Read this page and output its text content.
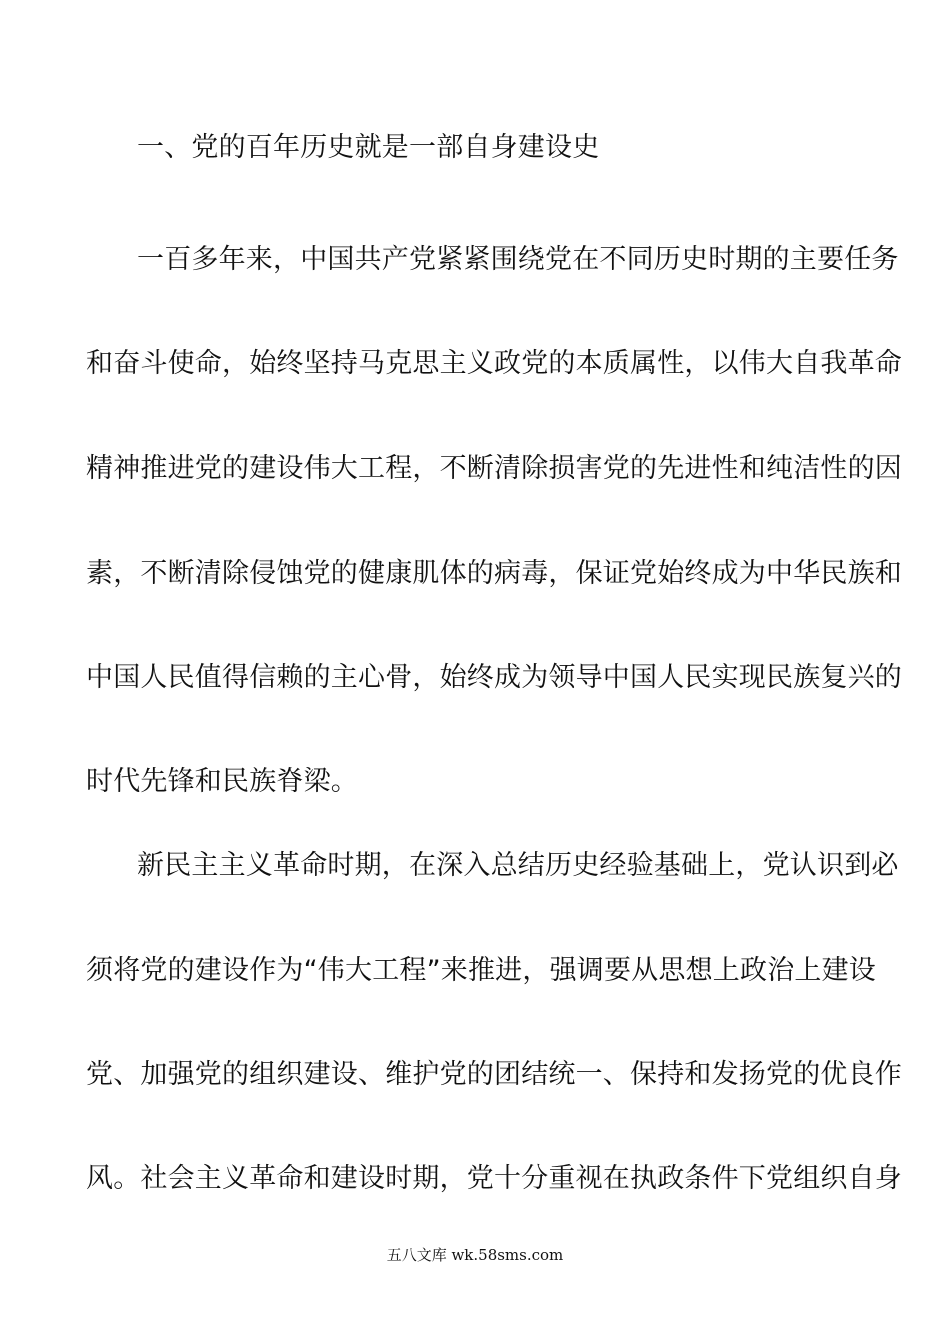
一、党的百年历史就是一部自身建设史
一百多年来，中国共产党紧紧围绕党在不同历史时期的主要任务
和奋斗使命，始终坚持马克思主义政党的本质属性，以伟大自我革命
精神推进党的建设伟大工程，不断清除损害党的先进性和纯洁性的因
素，不断清除侵蚀党的健康肌体的病毒，保证党始终成为中华民族和
中国人民值得信赖的主心骨，始终成为领导中国人民实现民族复兴的
时代先锋和民族脊梁。
新民主主义革命时期，在深入总结历史经验基础上，党认识到必
须将党的建设作为“伟大工程”来推进，强调要从思想上政治上建设
党、加强党的组织建设、维护党的团结统一、保持和发扬党的优良作
风。社会主义革命和建设时期，党十分重视在执政条件下党组织自身
五八文库 wk.58sms.com
